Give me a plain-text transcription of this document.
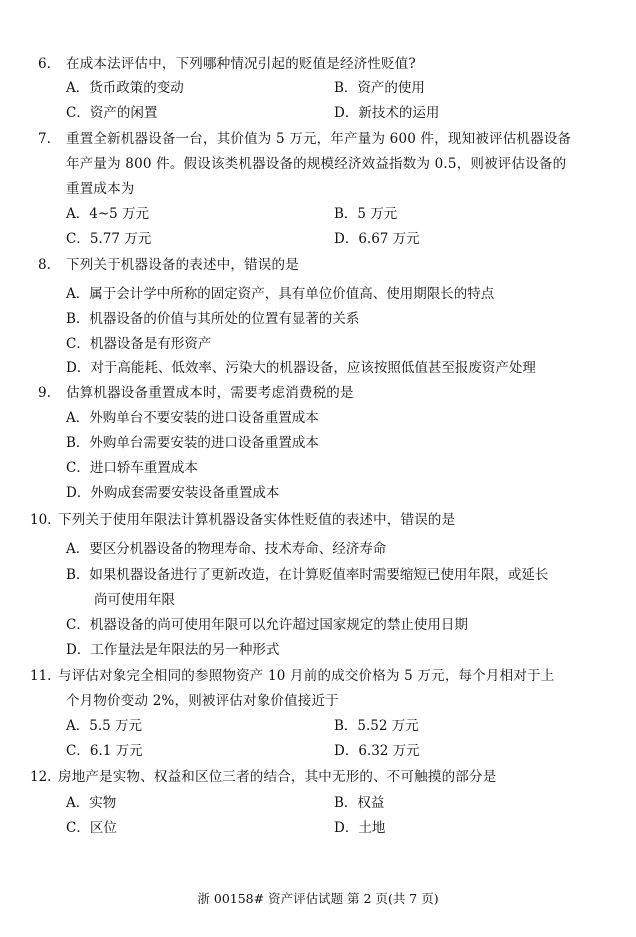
6. 在成本法评估中，下列哪种情况引起的贬值是经济性贬值?
A．货币政策的变动	B．资产的使用
C．资产的闲置	D．新技术的运用
7. 重置全新机器设备一台，其价值为 5 万元，年产量为 600 件，现知被评估机器设备
年产量为 800 件。假设该类机器设备的规模经济效益指数为 0.5，则被评估设备的
重置成本为
A．4~5 万元	B．5 万元
C．5.77 万元	D．6.67 万元
8. 下列关于机器设备的表述中，错误的是
A．属于会计学中所称的固定资产，具有单位价值高、使用期限长的特点
B．机器设备的价值与其所处的位置有显著的关系
C．机器设备是有形资产
D．对于高能耗、低效率、污染大的机器设备，应该按照低值甚至报废资产处理
9. 估算机器设备重置成本时，需要考虑消费税的是
A．外购单台不要安装的进口设备重置成本
B．外购单台需要安装的进口设备重置成本
C．进口轿车重置成本
D．外购成套需要安装设备重置成本
10. 下列关于使用年限法计算机器设备实体性贬值的表述中，错误的是
A．要区分机器设备的物理寿命、技术寿命、经济寿命
B．如果机器设备进行了更新改造，在计算贬值率时需要缩短已使用年限，或延长
尚可使用年限
C．机器设备的尚可使用年限可以允许超过国家规定的禁止使用日期
D．工作量法是年限法的另一种形式
11. 与评估对象完全相同的参照物资产 10 月前的成交价格为 5 万元，每个月相对于上
个月物价变动 2%，则被评估对象价值接近于
A．5.5 万元	B．5.52 万元
C．6.1 万元	D．6.32 万元
12. 房地产是实物、权益和区位三者的结合，其中无形的、不可触摸的部分是
A．实物	B．权益
C．区位	D．土地
浙 00158# 资产评估试题 第 2 页(共 7 页)
